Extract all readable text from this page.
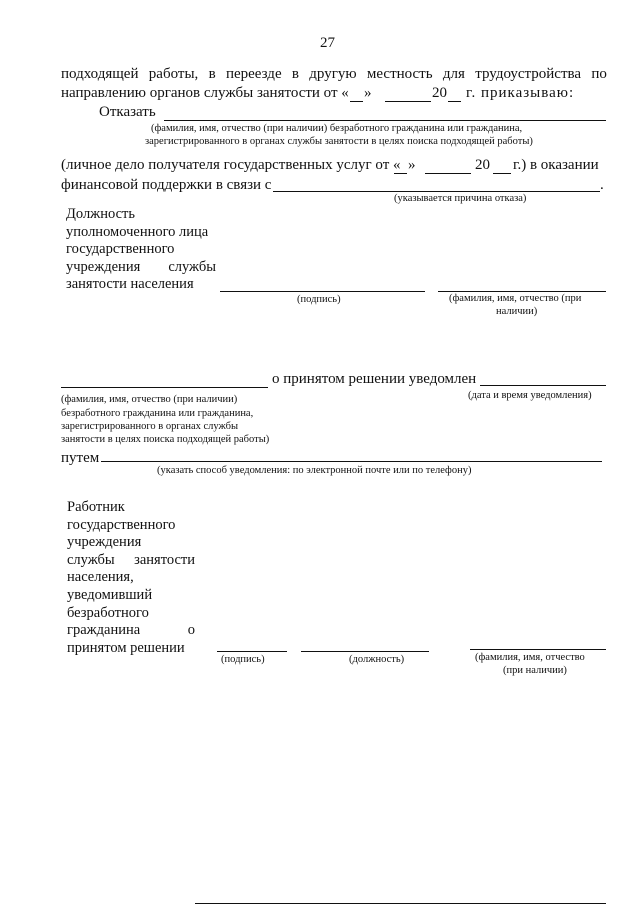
27
подходящей работы, в переезде в другую местность для трудоустройства по
направлению органов службы занятости от « »	20 г. приказываю:
Отказать
(фамилия, имя, отчество (при наличии) безработного гражданина или гражданина,
зарегистрированного в органах службы занятости в целях поиска подходящей работы)
(личное дело получателя государственных услуг от « »	20 г.) в оказании
финансовой поддержки в связи с	.
(указывается причина отказа)
Должность
уполномоченного лица
государственного
учреждения службы
занятости населения
(подпись)	(фамилия, имя, отчество (при
наличии)
о принятом решении уведомлен
(фамилия, имя, отчество (при наличии)
безработного гражданина или гражданина,
зарегистрированного в органах службы
занятости в целях поиска подходящей работы)
(дата и время уведомления)
путем
(указать способ уведомления: по электронной почте или по телефону)
Работник
государственного
учреждения
службы занятости
населения,
уведомивший
безработного
гражданина	о
принятом решении
(подпись)	(должность)	(фамилия, имя, отчество
(при наличии)
